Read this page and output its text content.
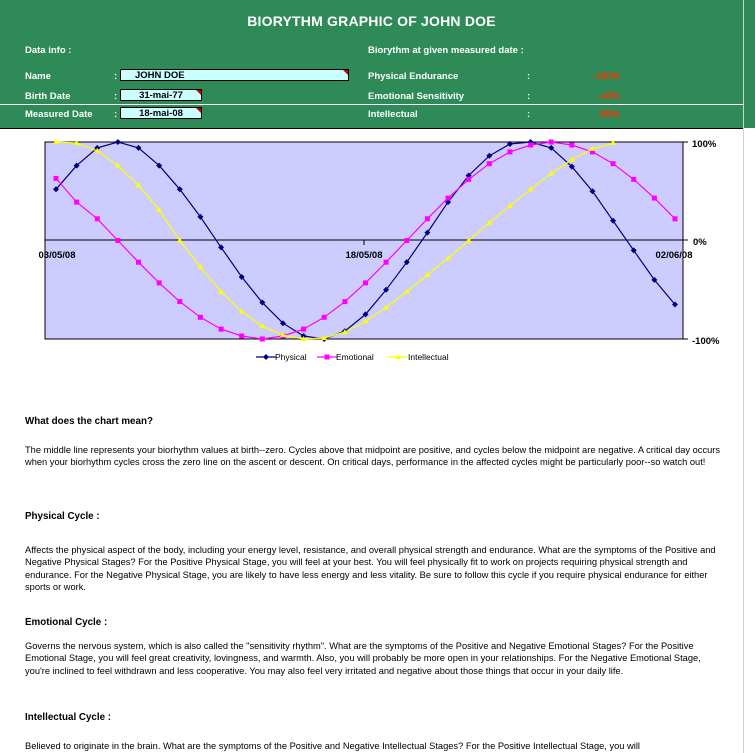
BIORYTHM GRAPHIC OF JOHN DOE
Data info :	Biorythm at given measured date :
Name	:	JOHN DOE
Birth Date	:	31-mai-77
Measured Date :	18-mai-08
Physical Endurance	:	-100%
Emotional Sensitivity	:	-43%
Intellectual	:	-99%
03/05/08	18/05/08	02/06/08
100%
0%
-100%
Physical	Emotional	Intellectual
What does the chart mean?
The middle line represents your biorhythm values at birth--zero. Cycles above that midpoint are positive, and cycles below the midpoint are negative. A critical day occurs when your biorhythm cycles cross the zero line on the ascent or descent. On critical days, performance in the affected cycles might be particularly poor--so watch out!
Physical Cycle :
Affects the physical aspect of the body, including your energy level, resistance, and overall physical strength and endurance. What are the symptoms of the Positive and Negative Physical Stages? For the Positive Physical Stage, you will feel at your best. You will feel physically fit to work on projects requiring physical strength and endurance. For the Negative Physical Stage, you are likely to have less energy and less vitality. Be sure to follow this cycle if you require physical endurance for either sports or work.
Emotional Cycle :
Governs the nervous system, which is also called the "sensitivity rhythm". What are the symptoms of the Positive and Negative Emotional Stages? For the Positive Emotional Stage, you will feel great creativity, lovingness, and warmth. Also, you will probably be more open in your relationships. For the Negative Emotional Stage, you're inclined to feel withdrawn and less cooperative. You may also feel very irritated and negative about those things that occur in your daily life.
Intellectual Cycle :
Believed to originate in the brain. What are the symptoms of the Positive and Negative Intellectual Stages? For the Positive Intellectual Stage, you will
